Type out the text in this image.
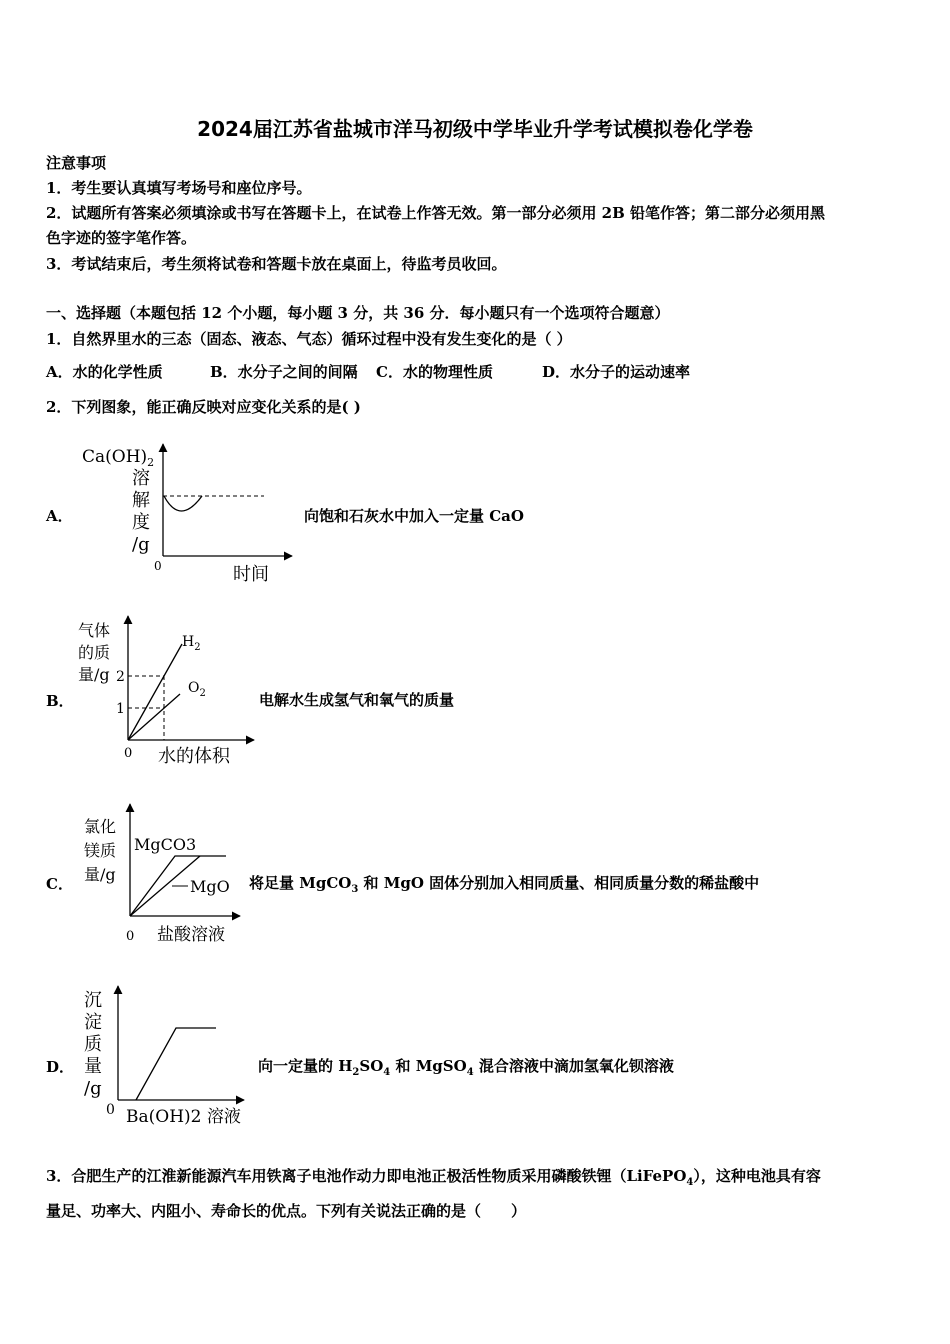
2024届江苏省盐城市洋马初级中学毕业升学考试模拟卷化学卷
注意事项
1．考生要认真填写考场号和座位序号。
2．试题所有答案必须填涂或书写在答题卡上，在试卷上作答无效。第一部分必须用 2B 铅笔作答；第二部分必须用黑
色字迹的签字笔作答。
3．考试结束后，考生须将试卷和答题卡放在桌面上，待监考员收回。
一、选择题（本题包括 12 个小题，每小题 3 分，共 36 分．每小题只有一个选项符合题意）
1．自然界里水的三态（固态、液态、气态）循环过程中没有发生变化的是（ ）
A．水的化学性质	B．水分子之间的间隔 C．水的物理性质	D．水分子的运动速率
2．下列图象，能正确反映对应变化关系的是( )
A．
$Ca(OH)_2$
溶
解
度
/g
0	时间
向饱和石灰水中加入一定量 CaO
B．
气体
的质
量/g 2
1
0 水的体积
$H_2$
$O_2$	电解水生成氢气和氧气的质量
C．
氯化
镁质
量/g
MgCO3
MgO
0 盐酸溶液
将足量 MgCO$_3$ 和 MgO 固体分别加入相同质量、相同质量分数的稀盐酸中
D．
沉
淀
质
量
/g
0 Ba(OH)2 溶液
向一定量的 $H_2SO_4$ 和 MgSO$_4$ 混合溶液中滴加氢氧化钡溶液
3．合肥生产的江淮新能源汽车用铁离子电池作动力即电池正极活性物质采用磷酸铁锂（LiFePO$_4$），这种电池具有容
量足、功率大、内阻小、寿命长的优点。下列有关说法正确的是（　　）
